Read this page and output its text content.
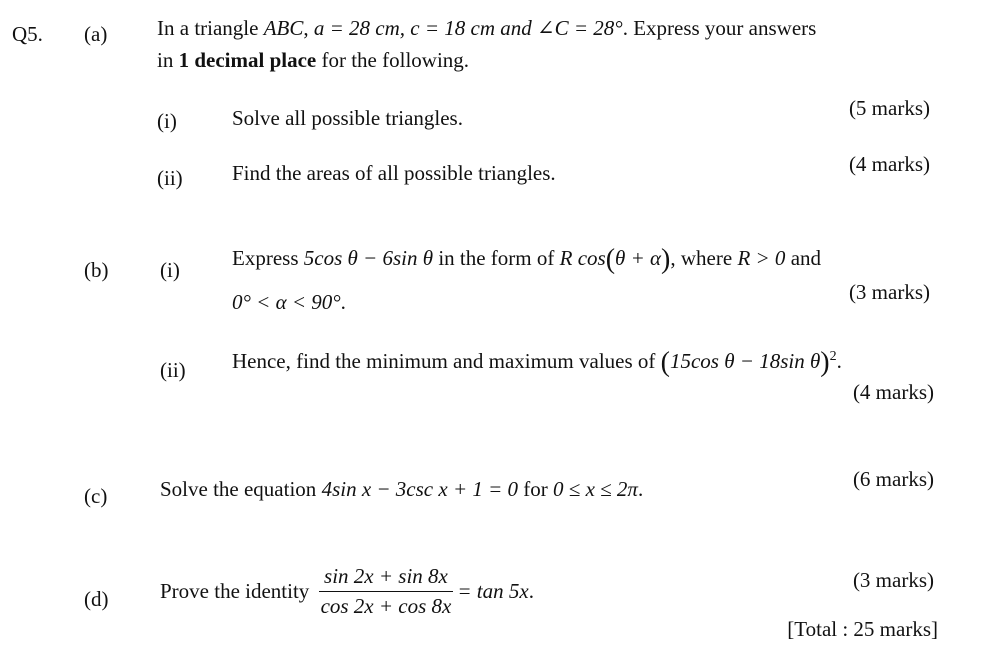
Q5. (a) In a triangle ABC, a = 28 cm, c = 18 cm and ∠C = 28°. Express your answers
in 1 decimal place for the following.
(i)	Solve all possible triangles.	(5 marks)
(ii) Find the areas of all possible triangles.	(4 marks)
(b) (i) Express 5cos θ − 6sin θ in the form of R cos(θ + α), where R > 0 and
0° < α < 90°.	(3 marks)
(ii) Hence, find the minimum and maximum values of (15cos θ − 18sin θ)$^2$.
(4 marks)
(c)	Solve the equation 4sin x − 3csc x + 1 = 0 for 0 ≤ x ≤ 2π.	(6 marks)
(d) Prove the identity $\frac{\sin 2x + \sin 8x}{\cos 2x + \cos 8x} = \tan 5x$.	(3 marks)
[Total : 25 marks]
